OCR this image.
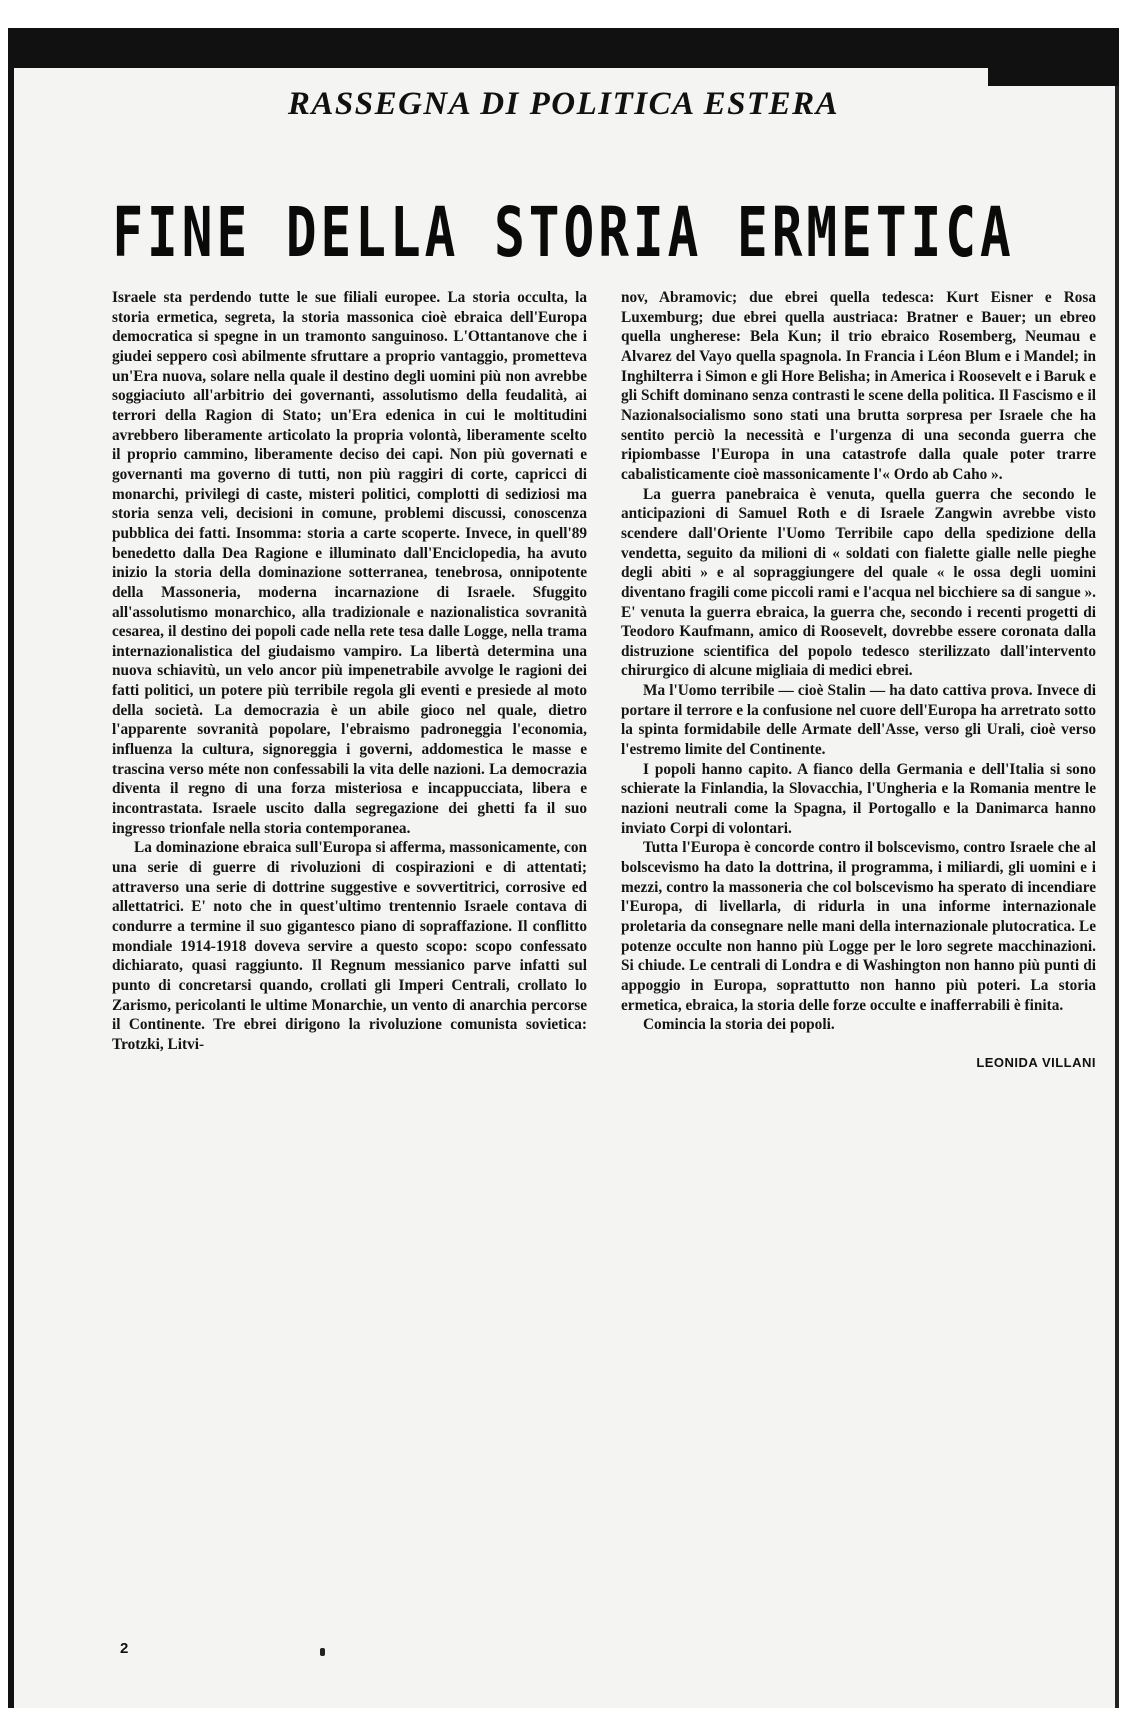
RASSEGNA DI POLITICA ESTERA
FINE DELLA STORIA ERMETICA
2

Israele sta perdendo tutte le sue filiali europee. La storia occulta, la storia ermetica, segreta, la storia massonica cioè ebraica dell'Europa democratica si spegne in un tramonto sanguinoso. L'Ottantanove che i giudei seppero così abilmente sfruttare a proprio vantaggio, prometteva un'Era nuova, solare nella quale il destino degli uomini più non avrebbe soggiaciuto all'arbitrio dei governanti, assolutismo della feudalità, ai terrori della Ragion di Stato; un'Era edenica in cui le moltitudini avrebbero liberamente articolato la propria volontà, liberamente scelto il proprio cammino, liberamente deciso dei capi. Non più governati e governanti ma governo di tutti, non più raggiri di corte, capricci di monarchi, privilegi di caste, misteri politici, complotti di sediziosi ma storia senza veli, decisioni in comune, problemi discussi, conoscenza pubblica dei fatti. Insomma: storia a carte scoperte. Invece, in quell'89 benedetto dalla Dea Ragione e illuminato dall'Enciclopedia, ha avuto inizio la storia della dominazione sotterranea, tenebrosa, onnipotente della Massoneria, moderna incarnazione di Israele. Sfuggito all'assolutismo monarchico, alla tradizionale e nazionalistica sovranità cesarea, il destino dei popoli cade nella rete tesa dalle Logge, nella trama internazionalistica del giudaismo vampiro. La libertà determina una nuova schiavitù, un velo ancor più impenetrabile avvolge le ragioni dei fatti politici, un potere più terribile regola gli eventi e presiede al moto della società. La democrazia è un abile gioco nel quale, dietro l'apparente sovranità popolare, l'ebraismo padroneggia l'economia, influenza la cultura, signoreggia i governi, addomestica le masse e trascina verso méte non confessabili la vita delle nazioni. La democrazia diventa il regno di una forza misteriosa e incappucciata, libera e incontrastata. Israele uscito dalla segregazione dei ghetti fa il suo ingresso trionfale nella storia contemporanea.

La dominazione ebraica sull'Europa si afferma, massonicamente, con una serie di guerre di rivoluzioni di cospirazioni e di attentati; attraverso una serie di dottrine suggestive e sovvertitrici, corrosive ed allettatrici. E' noto che in quest'ultimo trentennio Israele contava di condurre a termine il suo gigantesco piano di sopraffazione. Il conflitto mondiale 1914-1918 doveva servire a questo scopo: scopo confessato dichiarato, quasi raggiunto. Il Regnum messianico parve infatti sul punto di concretarsi quando, crollati gli Imperi Centrali, crollato lo Zarismo, pericolanti le ultime Monarchie, un vento di anarchia percorse il Continente. Tre ebrei dirigono la rivoluzione comunista sovietica: Trotzki, Litvi-

nov, Abramovic; due ebrei quella tedesca: Kurt Eisner e Rosa Luxemburg; due ebrei quella austriaca: Bratner e Bauer; un ebreo quella ungherese: Bela Kun; il trio ebraico Rosemberg, Neumau e Alvarez del Vayo quella spagnola. In Francia i Léon Blum e i Mandel; in Inghilterra i Simon e gli Hore Belisha; in America i Roosevelt e i Baruk e gli Schift dominano senza contrasti le scene della politica. Il Fascismo e il Nazionalsocialismo sono stati una brutta sorpresa per Israele che ha sentito perciò la necessità e l'urgenza di una seconda guerra che ripiombasse l'Europa in una catastrofe dalla quale poter trarre cabalisticamente cioè massonicamente l'« Ordo ab Caho ».

La guerra panebraica è venuta, quella guerra che secondo le anticipazioni di Samuel Roth e di Israele Zangwin avrebbe visto scendere dall'Oriente l'Uomo Terribile capo della spedizione della vendetta, seguito da milioni di « soldati con fialette gialle nelle pieghe degli abiti » e al sopraggiungere del quale « le ossa degli uomini diventano fragili come piccoli rami e l'acqua nel bicchiere sa di sangue ». E' venuta la guerra ebraica, la guerra che, secondo i recenti progetti di Teodoro Kaufmann, amico di Roosevelt, dovrebbe essere coronata dalla distruzione scientifica del popolo tedesco sterilizzato dall'intervento chirurgico di alcune migliaia di medici ebrei.

Ma l'Uomo terribile — cioè Stalin — ha dato cattiva prova. Invece di portare il terrore e la confusione nel cuore dell'Europa ha arretrato sotto la spinta formidabile delle Armate dell'Asse, verso gli Urali, cioè verso l'estremo limite del Continente.

I popoli hanno capito. A fianco della Germania e dell'Italia si sono schierate la Finlandia, la Slovacchia, l'Ungheria e la Romania mentre le nazioni neutrali come la Spagna, il Portogallo e la Danimarca hanno inviato Corpi di volontari.

Tutta l'Europa è concorde contro il bolscevismo, contro Israele che al bolscevismo ha dato la dottrina, il programma, i miliardi, gli uomini e i mezzi, contro la massoneria che col bolscevismo ha sperato di incendiare l'Europa, di livellarla, di ridurla in una informe internazionale proletaria da consegnare nelle mani della internazionale plutocratica. Le potenze occulte non hanno più Logge per le loro segrete macchinazioni. Si chiude. Le centrali di Londra e di Washington non hanno più punti di appoggio in Europa, soprattutto non hanno più poteri. La storia ermetica, ebraica, la storia delle forze occulte e inafferrabili è finita.

Comincia la storia dei popoli.

LEONIDA VILLANI
